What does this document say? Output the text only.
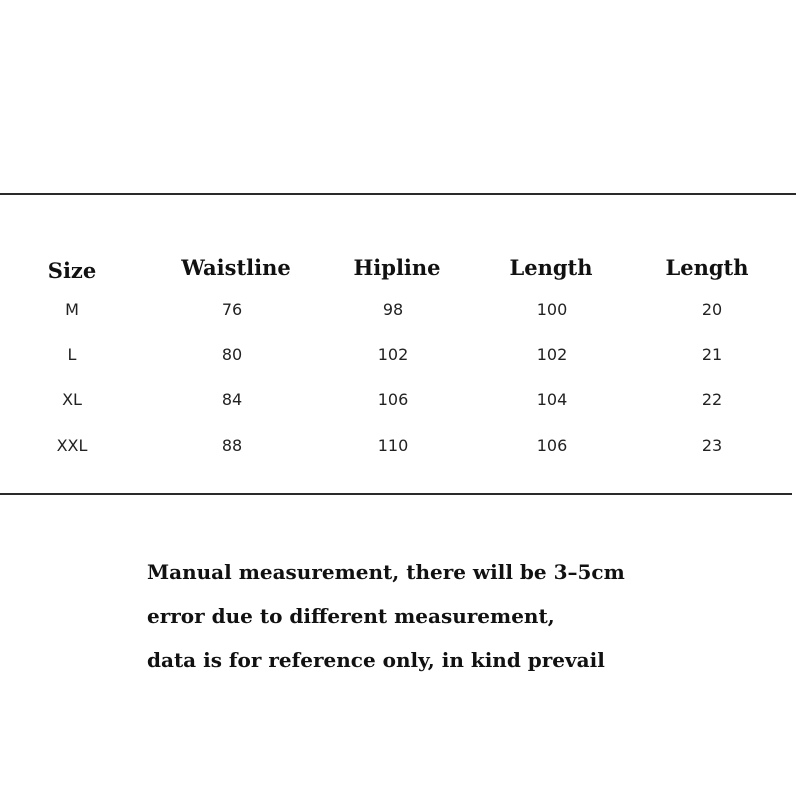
Size	Waistline	Hipline	Length	Length
M	76	98	100	20
L	80	102	102	21
XL	84	106	104	22
XXL	88	110	106	23
Manual measurement, there will be 3–5cm
error due to different measurement,
data is for reference only, in kind prevail
